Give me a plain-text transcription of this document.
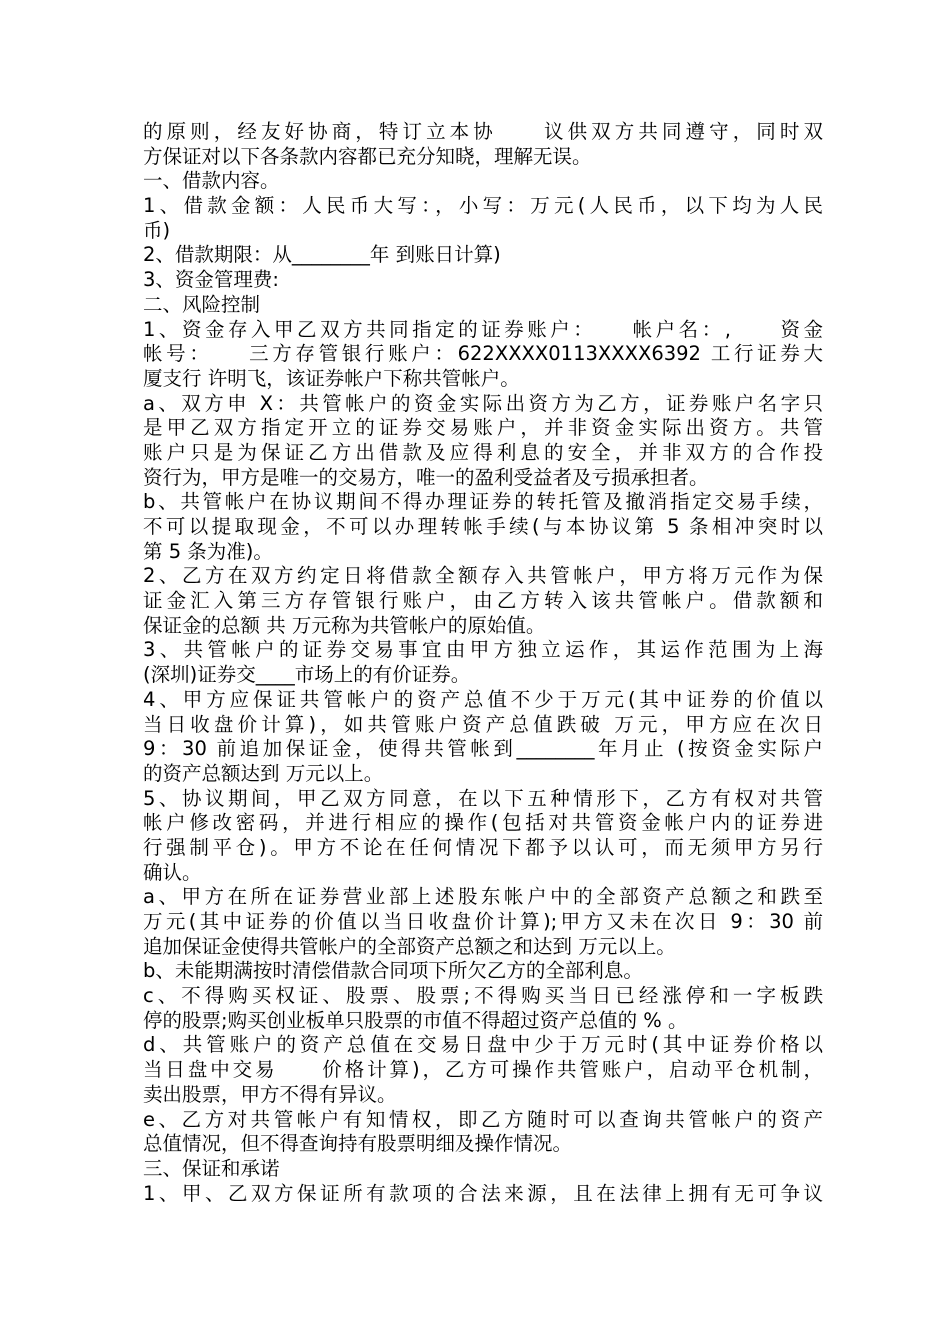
的原则，经友好协商，特订立本协　　议供双方共同遵守，同时双
方保证对以下各条款内容都已充分知晓，理解无误。
一、借款内容。
1、借款金额：人民币大写：，小写：万元(人民币，以下均为人民
币)
2、借款期限：从________年 到账日计算)
3、资金管理费:
二、风险控制
1、资金存入甲乙双方共同指定的证券账户：　　帐户名：,　　资金
帐号：　　三方存管银行账户：622XXXX0113XXXX6392 工行证券大
厦支行 许明飞，该证券帐户下称共管帐户。
a、双方申 X：共管帐户的资金实际出资方为乙方，证券账户名字只
是甲乙双方指定开立的证券交易账户，并非资金实际出资方。共管
账户只是为保证乙方出借款及应得利息的安全，并非双方的合作投
资行为，甲方是唯一的交易方，唯一的盈利受益者及亏损承担者。
b、共管帐户在协议期间不得办理证券的转托管及撤消指定交易手续，
不可以提取现金，不可以办理转帐手续(与本协议第 5 条相冲突时以
第 5 条为准)。
2、乙方在双方约定日将借款全额存入共管帐户，甲方将万元作为保
证金汇入第三方存管银行账户，由乙方转入该共管帐户。借款额和
保证金的总额 共 万元称为共管帐户的原始值。
3、共管帐户的证券交易事宜由甲方独立运作，其运作范围为上海
(深圳)证券交____市场上的有价证券。
4、甲方应保证共管帐户的资产总值不少于万元(其中证券的价值以
当日收盘价计算)，如共管账户资产总值跌破 万元，甲方应在次日
9：30 前追加保证金，使得共管帐到________年月止 (按资金实际户
的资产总额达到 万元以上。
5、协议期间，甲乙双方同意，在以下五种情形下，乙方有权对共管
帐户修改密码，并进行相应的操作(包括对共管资金帐户内的证券进
行强制平仓)。甲方不论在任何情况下都予以认可，而无须甲方另行
确认。
a、甲方在所在证券营业部上述股东帐户中的全部资产总额之和跌至
万元(其中证券的价值以当日收盘价计算);甲方又未在次日 9：30 前
追加保证金使得共管帐户的全部资产总额之和达到 万元以上。
b、未能期满按时清偿借款合同项下所欠乙方的全部利息。
c、不得购买权证、股票、股票;不得购买当日已经涨停和一字板跌
停的股票;购买创业板单只股票的市值不得超过资产总值的 % 。
d、共管账户的资产总值在交易日盘中少于万元时(其中证券价格以
当日盘中交易　　价格计算)，乙方可操作共管账户，启动平仓机制，
卖出股票，甲方不得有异议。
e、乙方对共管帐户有知情权，即乙方随时可以查询共管帐户的资产
总值情况，但不得查询持有股票明细及操作情况。
三、保证和承诺
1、甲、乙双方保证所有款项的合法来源，且在法律上拥有无可争议
